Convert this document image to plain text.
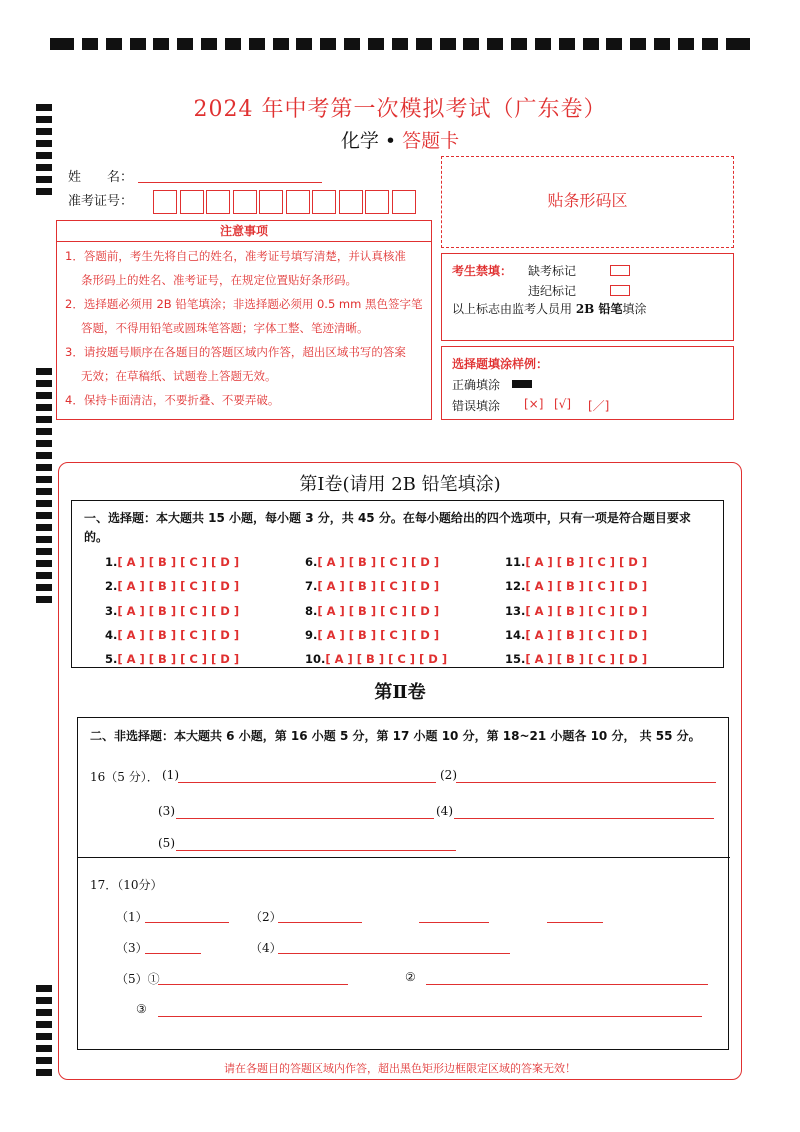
2024 年中考第一次模拟考试（广东卷）
化学 • 答题卡
姓　　名：
准考证号：	贴条形码区
注意事项

1．答题前，考生先将自己的姓名，准考证号填写清楚，并认真核准

条形码上的姓名、准考证号，在规定位置贴好条形码。

2．选择题必须用 2B 铅笔填涂；非选择题必须用 0.5 mm 黑色签字笔

答题，不得用铅笔或圆珠笔答题；字体工整、笔迹清晰。

3．请按题号顺序在各题目的答题区域内作答，超出区域书写的答案

无效；在草稿纸、试题卷上答题无效。

4．保持卡面清洁，不要折叠、不要弄破。

考生禁填： 缺考标记
违纪标记
以上标志由监考人员用 2B 铅笔填涂
选择题填涂样例：
正确填涂
错误填涂 [×] [√] [／]
第Ⅰ卷(请用 2B 铅笔填涂)
一、选择题：本大题共 15 小题，每小题 3 分，共 45 分。在每小题给出的四个选项中，只有一项是符合题目要求的。
1.[ A ] [ B ] [ C ] [ D ]
2.[ A ] [ B ] [ C ] [ D ]
3.[ A ] [ B ] [ C ] [ D ]
4.[ A ] [ B ] [ C ] [ D ]
5.[ A ] [ B ] [ C ] [ D ]
6.[ A ] [ B ] [ C ] [ D ]
7.[ A ] [ B ] [ C ] [ D ]
8.[ A ] [ B ] [ C ] [ D ]
9.[ A ] [ B ] [ C ] [ D ]
10.[ A ] [ B ] [ C ] [ D ]
11.[ A ] [ B ] [ C ] [ D ]
12.[ A ] [ B ] [ C ] [ D ]
13.[ A ] [ B ] [ C ] [ D ]
14.[ A ] [ B ] [ C ] [ D ]
15.[ A ] [ B ] [ C ] [ D ]
第Ⅱ卷
二、非选择题：本大题共 6 小题，第 16 小题 5 分，第 17 小题 10 分，第 18~21 小题各 10 分， 共 55 分。
16（5 分）． (1)	(2)
(3)	(4)
(5)
17．（10分）
（1）	（2）
（3）	（4）
（5）①	②
③
请在各题目的答题区域内作答，超出黑色矩形边框限定区域的答案无效！
